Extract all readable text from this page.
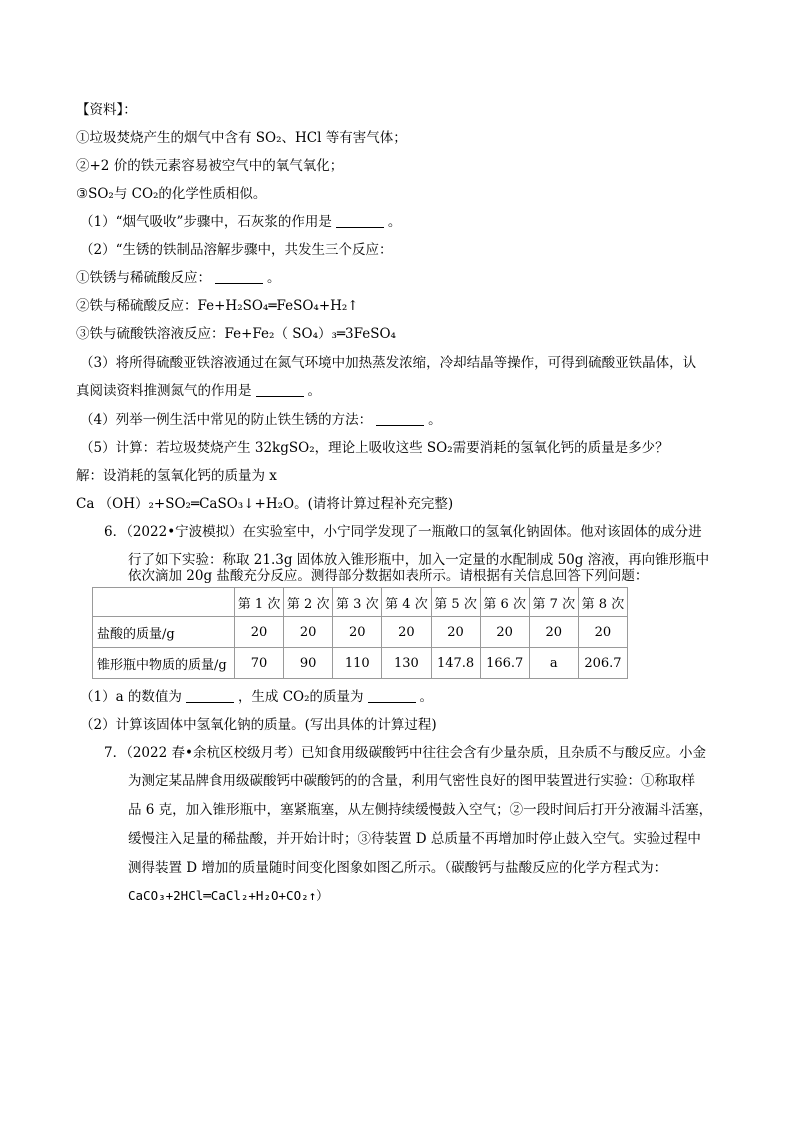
【资料】：
①垃圾焚烧产生的烟气中含有 SO₂、HCl 等有害气体；
②+2 价的铁元素容易被空气中的氧气氧化；
③SO₂与 CO₂的化学性质相似。
（1）“烟气吸收”步骤中，石灰浆的作用是	。
（2）“生锈的铁制品溶解步骤中，共发生三个反应：
①铁锈与稀硫酸反应：	。
②铁与稀硫酸反应：Fe+H₂SO₄═FeSO₄+H₂↑
③铁与硫酸铁溶液反应：Fe+Fe₂（ SO₄）₃═3FeSO₄
（3）将所得硫酸亚铁溶液通过在氮气环境中加热蒸发浓缩，冷却结晶等操作，可得到硫酸亚铁晶体，认
真阅读资料推测氮气的作用是	。
（4）列举一例生活中常见的防止铁生锈的方法：	。
（5）计算：若垃圾焚烧产生 32kgSO₂，理论上吸收这些 SO₂需要消耗的氢氧化钙的质量是多少？
解：设消耗的氢氧化钙的质量为 x
Ca （OH）₂+SO₂═CaSO₃↓+H₂O。(请将计算过程补充完整)
6．（2022•宁波模拟）在实验室中，小宁同学发现了一瓶敞口的氢氧化钠固体。他对该固体的成分进
行了如下实验：称取 21.3g 固体放入锥形瓶中，加入一定量的水配制成 50g 溶液，再向锥形瓶中
依次滴加 20g 盐酸充分反应。测得部分数据如表所示。请根据有关信息回答下列问题：
	第 1 次	第 2 次	第 3 次	第 4 次	第 5 次	第 6 次	第 7 次	第 8 次
盐酸的质量/g	20	20	20	20	20	20	20	20
锥形瓶中物质的质量/g	70	90	110	130	147.8	166.7	a	206.7
（1）a 的数值为	，生成 CO₂的质量为	。
（2）计算该固体中氢氧化钠的质量。(写出具体的计算过程)
7．（2022 春•余杭区校级月考）已知食用级碳酸钙中往往会含有少量杂质，且杂质不与酸反应。小金
为测定某品牌食用级碳酸钙中碳酸钙的的含量，利用气密性良好的图甲装置进行实验：①称取样
品 6 克，加入锥形瓶中，塞紧瓶塞，从左侧持续缓慢鼓入空气；②一段时间后打开分液漏斗活塞，
缓慢注入足量的稀盐酸，并开始计时；③待装置 D 总质量不再增加时停止鼓入空气。实验过程中
测得装置 D 增加的质量随时间变化图象如图乙所示。（碳酸钙与盐酸反应的化学方程式为：
CaCO₃+2HCl═CaCl₂+H₂O+CO₂↑）
